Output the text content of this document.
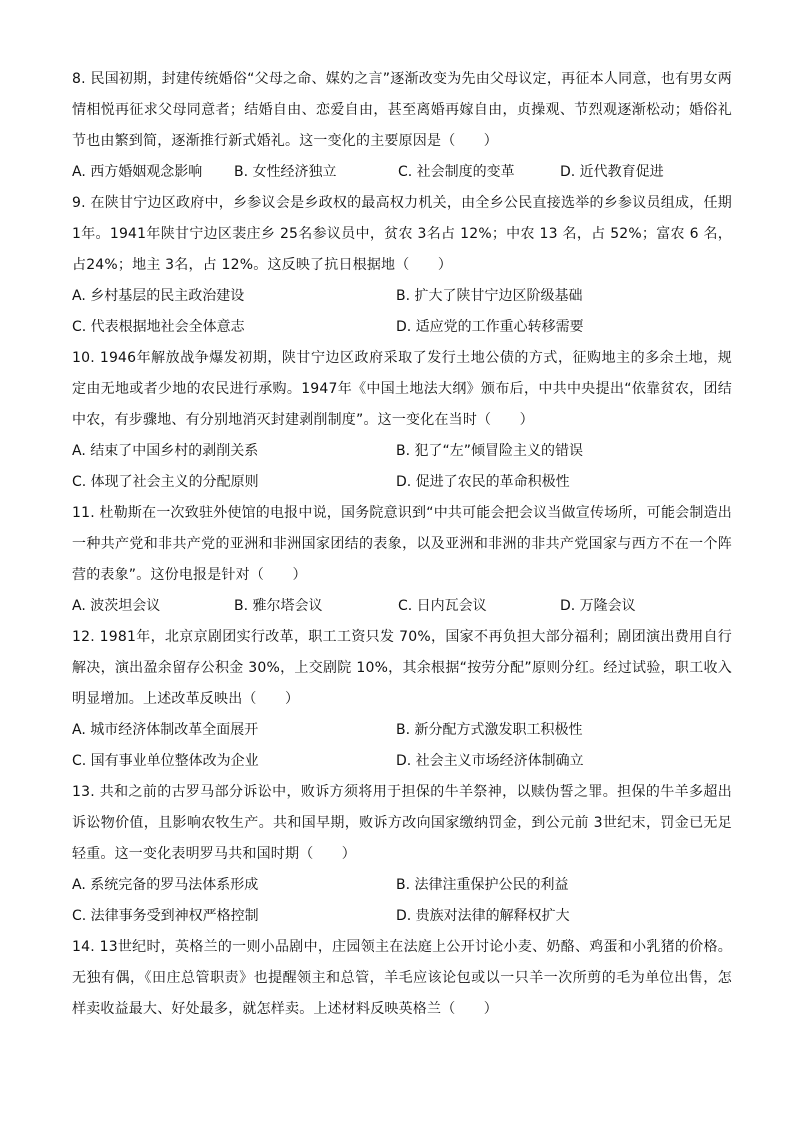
8. 民国初期，封建传统婚俗“父母之命、媒妁之言”逐渐改变为先由父母议定，再征本人同意，也有男女两情相悦再征求父母同意者；结婚自由、恋爱自由，甚至离婚再嫁自由，贞操观、节烈观逐渐松动；婚俗礼节也由繁到简，逐渐推行新式婚礼。这一变化的主要原因是（　　）

A. 西方婚姻观念影响	B. 女性经济独立	C. 社会制度的变革	D. 近代教育促进

9. 在陕甘宁边区政府中，乡参议会是乡政权的最高权力机关，由全乡公民直接选举的乡参议员组成，任期1年。1941年陕甘宁边区裴庄乡 25名参议员中，贫农 3名占 12%；中农 13 名，占 52%；富农 6 名，占24%；地主 3名，占 12%。这反映了抗日根据地（　　）

A. 乡村基层的民主政治建设	B. 扩大了陕甘宁边区阶级基础
C. 代表根据地社会全体意志	D. 适应党的工作重心转移需要

10. 1946年解放战争爆发初期，陕甘宁边区政府采取了发行土地公债的方式，征购地主的多余土地，规定由无地或者少地的农民进行承购。1947年《中国土地法大纲》颁布后，中共中央提出“依靠贫农，团结中农，有步骤地、有分别地消灭封建剥削制度”。这一变化在当时（　　）

A. 结束了中国乡村的剥削关系	B. 犯了“左”倾冒险主义的错误
C. 体现了社会主义的分配原则	D. 促进了农民的革命积极性

11. 杜勒斯在一次致驻外使馆的电报中说，国务院意识到“中共可能会把会议当做宣传场所，可能会制造出一种共产党和非共产党的亚洲和非洲国家团结的表象，以及亚洲和非洲的非共产党国家与西方不在一个阵营的表象”。这份电报是针对（　　）

A. 波茨坦会议	B. 雅尔塔会议	C. 日内瓦会议	D. 万隆会议

12. 1981年，北京京剧团实行改革，职工工资只发 70%，国家不再负担大部分福利；剧团演出费用自行解决，演出盈余留存公积金 30%，上交剧院 10%，其余根据“按劳分配”原则分红。经过试验，职工收入明显增加。上述改革反映出（　　）

A. 城市经济体制改革全面展开	B. 新分配方式激发职工积极性
C. 国有事业单位整体改为企业	D. 社会主义市场经济体制确立

13. 共和之前的古罗马部分诉讼中，败诉方须将用于担保的牛羊祭神，以赎伪誓之罪。担保的牛羊多超出诉讼物价值，且影响农牧生产。共和国早期，败诉方改向国家缴纳罚金，到公元前 3世纪末，罚金已无足轻重。这一变化表明罗马共和国时期（　　）

A. 系统完备的罗马法体系形成	B. 法律注重保护公民的利益
C. 法律事务受到神权严格控制	D. 贵族对法律的解释权扩大

14. 13世纪时，英格兰的一则小品剧中，庄园领主在法庭上公开讨论小麦、奶酪、鸡蛋和小乳猪的价格。无独有偶，《田庄总管职责》也提醒领主和总管，羊毛应该论包或以一只羊一次所剪的毛为单位出售，怎样卖收益最大、好处最多，就怎样卖。上述材料反映英格兰（　　）
